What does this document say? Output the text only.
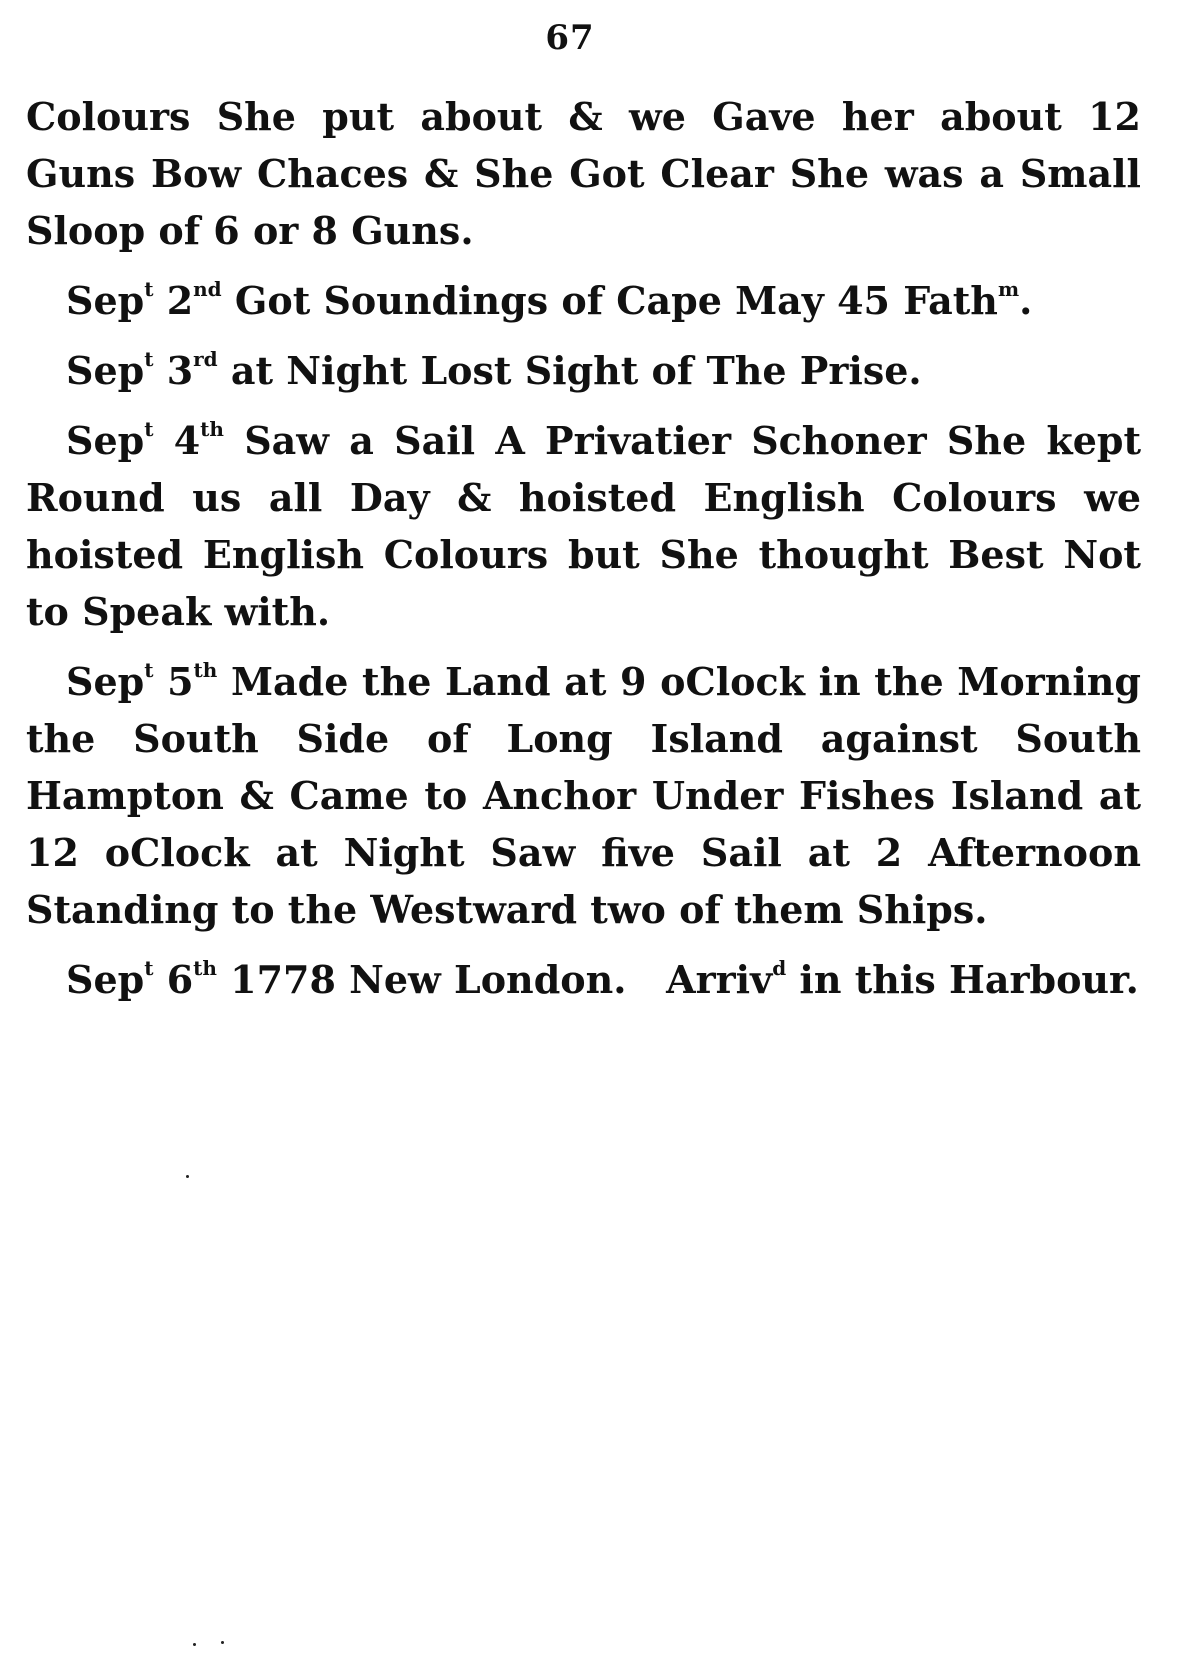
67

Colours She put about & we Gave her about 12 Guns Bow Chaces & She Got Clear She was a Small Sloop of 6 or 8 Guns.

Sep$^t$ 2nd Got Soundings of Cape May 45 Fath$^m$.

Sep$^t$ 3rd at Night Lost Sight of The Prise.

Sep$^t$ 4th Saw a Sail A Privatier Schoner She kept Round us all Day & hoisted English Colours we hoisted English Colours but She thought Best Not to Speak with.

Sep$^t$ 5th Made the Land at 9 oClock in the Morning the South Side of Long Island against South Hampton & Came to Anchor Under Fishes Island at 12 oClock at Night Saw five Sail at 2 Afternoon Standing to the Westward two of them Ships.

Sep$^t$ 6th 1778 New London.   Arriv$^d$ in this Harbour.
